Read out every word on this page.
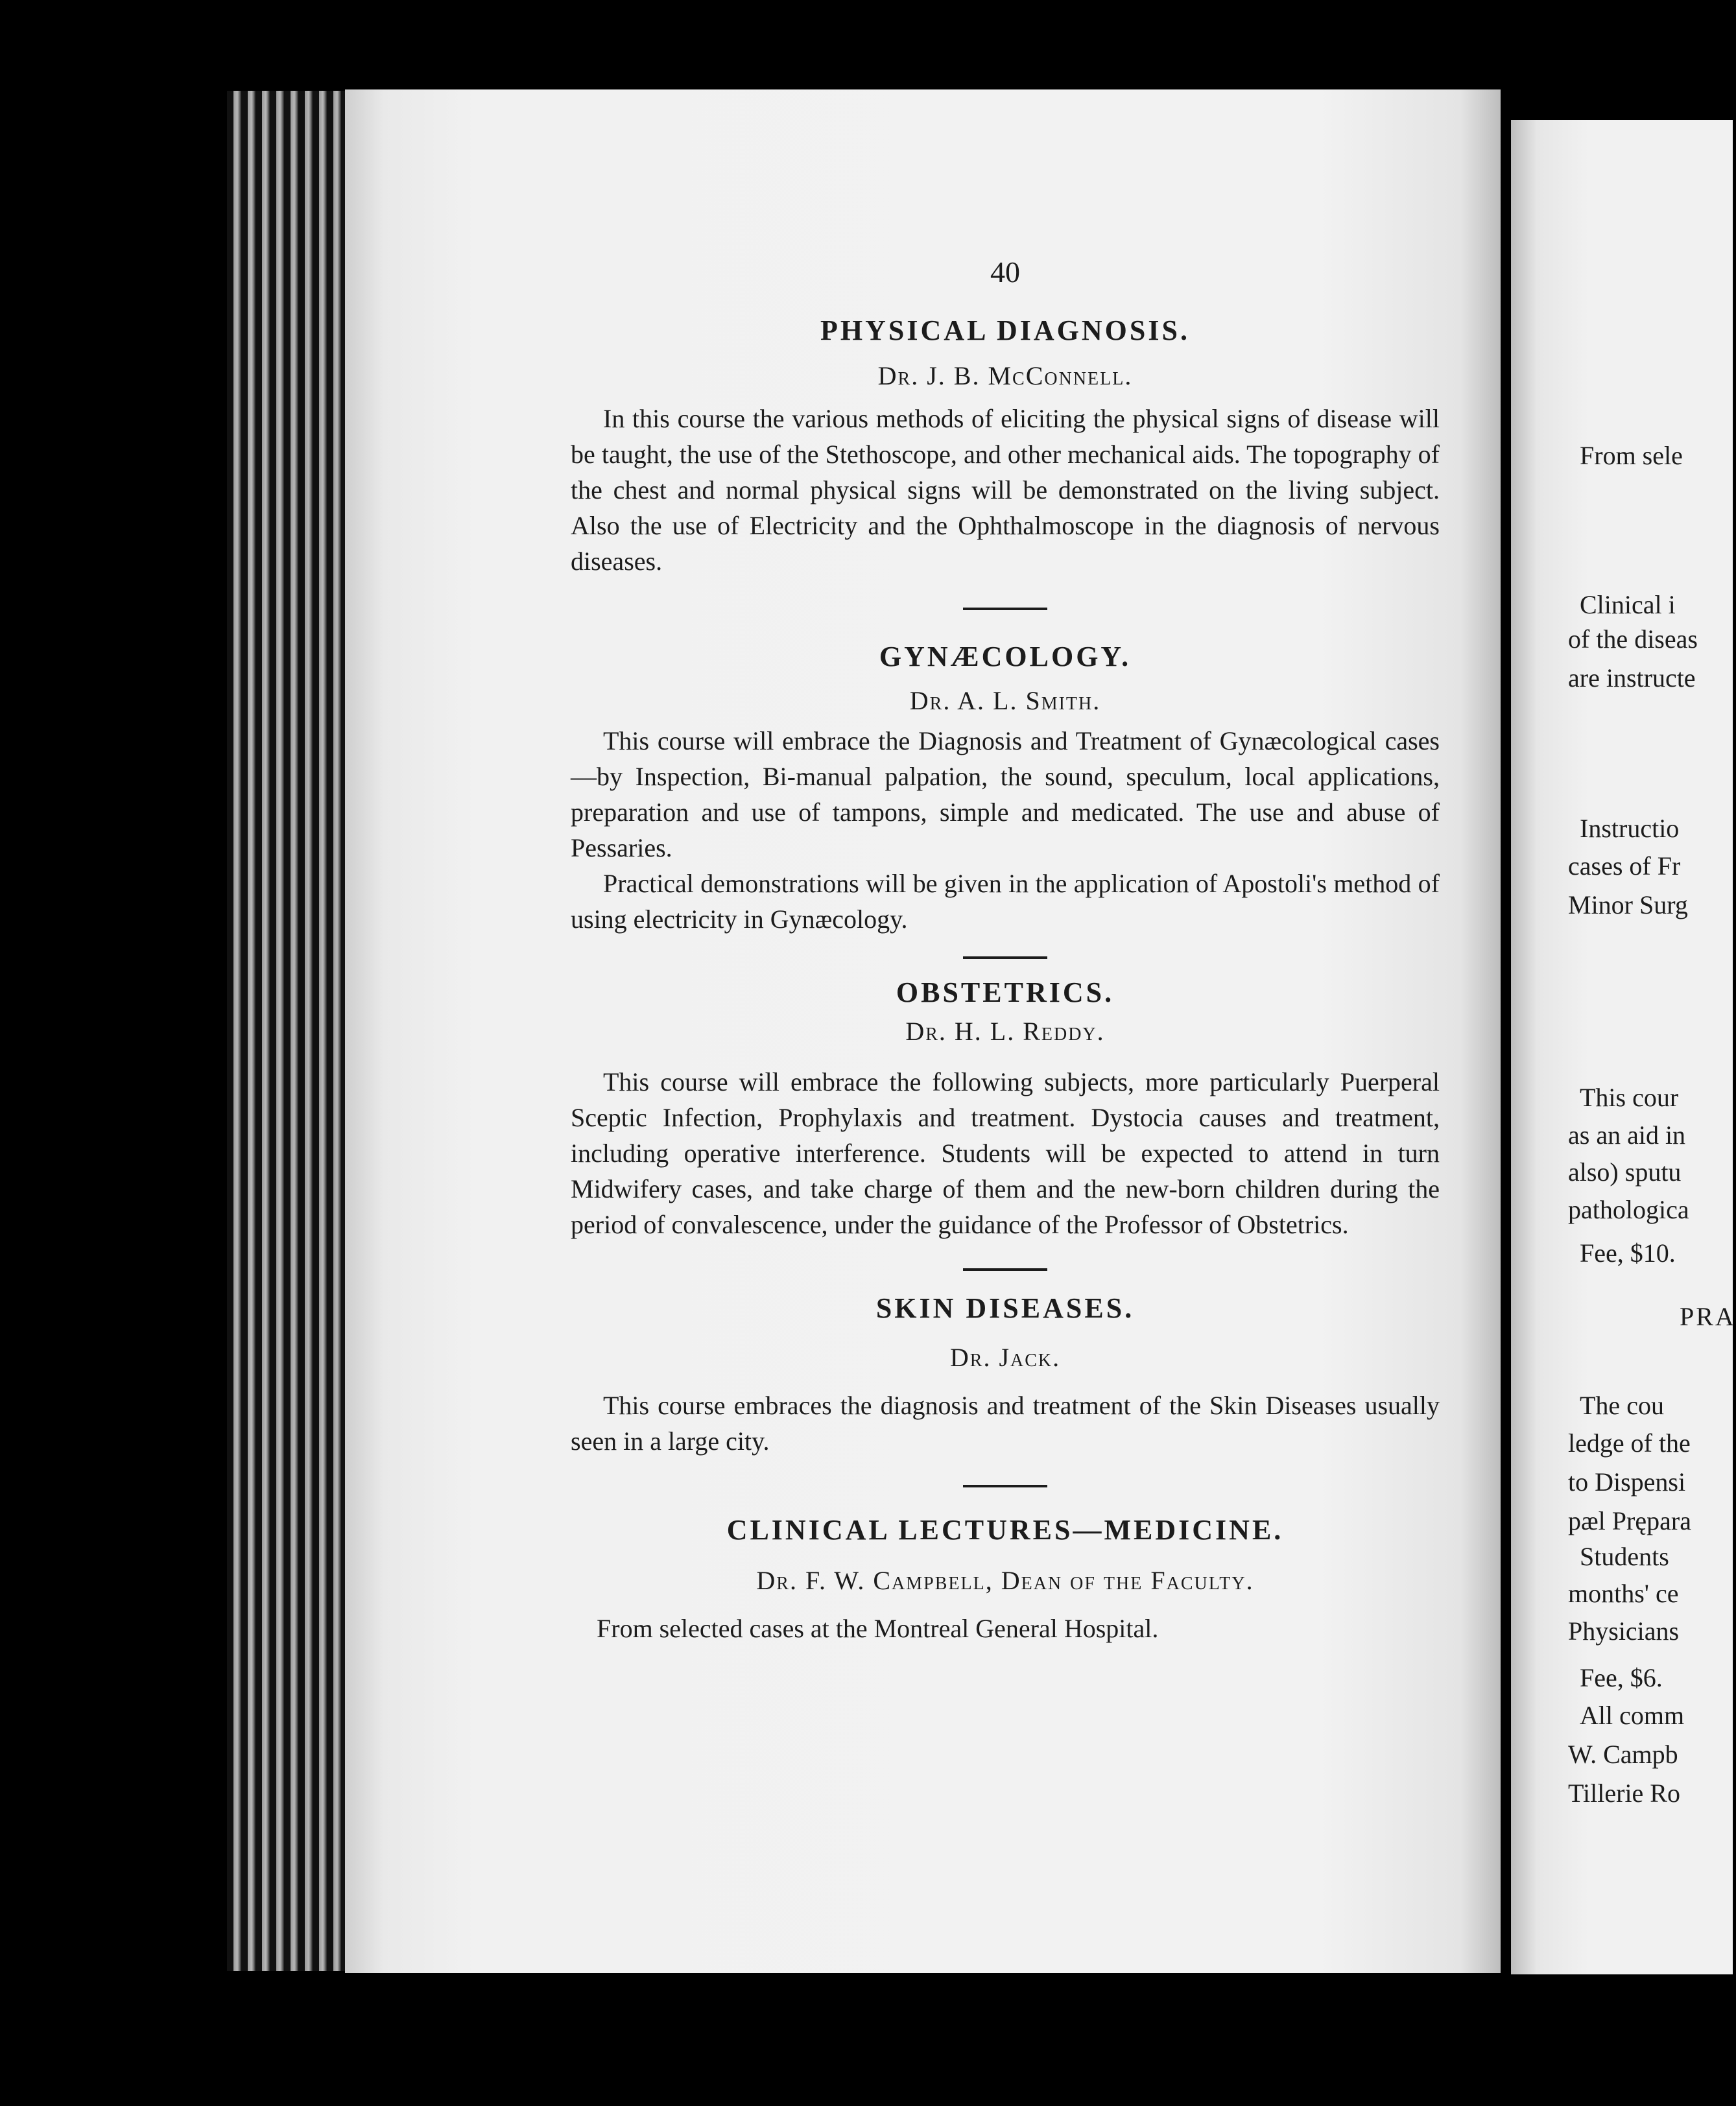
40

PHYSICAL DIAGNOSIS.

Dr. J. B. McConnell.

In this course the various methods of eliciting the physical signs of disease will be taught, the use of the Stethoscope, and other mechanical aids. The topography of the chest and normal physical signs will be demonstrated on the living subject. Also the use of Electricity and the Ophthalmoscope in the diagnosis of nervous diseases.

GYNÆCOLOGY.

Dr. A. L. Smith.

This course will embrace the Diagnosis and Treatment of Gynæcological cases—by Inspection, Bi-manual palpation, the sound, speculum, local applications, preparation and use of tampons, simple and medicated. The use and abuse of Pessaries.

Practical demonstrations will be given in the application of Apostoli's method of using electricity in Gynæcology.

OBSTETRICS.

Dr. H. L. Reddy.

This course will embrace the following subjects, more particularly Puerperal Sceptic Infection, Prophylaxis and treatment. Dystocia causes and treatment, including operative interference. Students will be expected to attend in turn Midwifery cases, and take charge of them and the new-born children during the period of convalescence, under the guidance of the Professor of Obstetrics.

SKIN DISEASES.

Dr. Jack.

This course embraces the diagnosis and treatment of the Skin Diseases usually seen in a large city.

CLINICAL LECTURES—MEDICINE.

Dr. F. W. Campbell, Dean of the Faculty.

From selected cases at the Montreal General Hospital.

From sele
Clinical i
of the diseas
are instructe
Instructio
cases of Fr
Minor Surg
This cour
as an aid in
also) sputu
pathologica
Fee, $10.
PRA
The cou
ledge of the
to Dispensi
pæl Prępara
Students
months' ce
Physicians
Fee, $6.
All comm
W. Campb
Tillerie Ro
